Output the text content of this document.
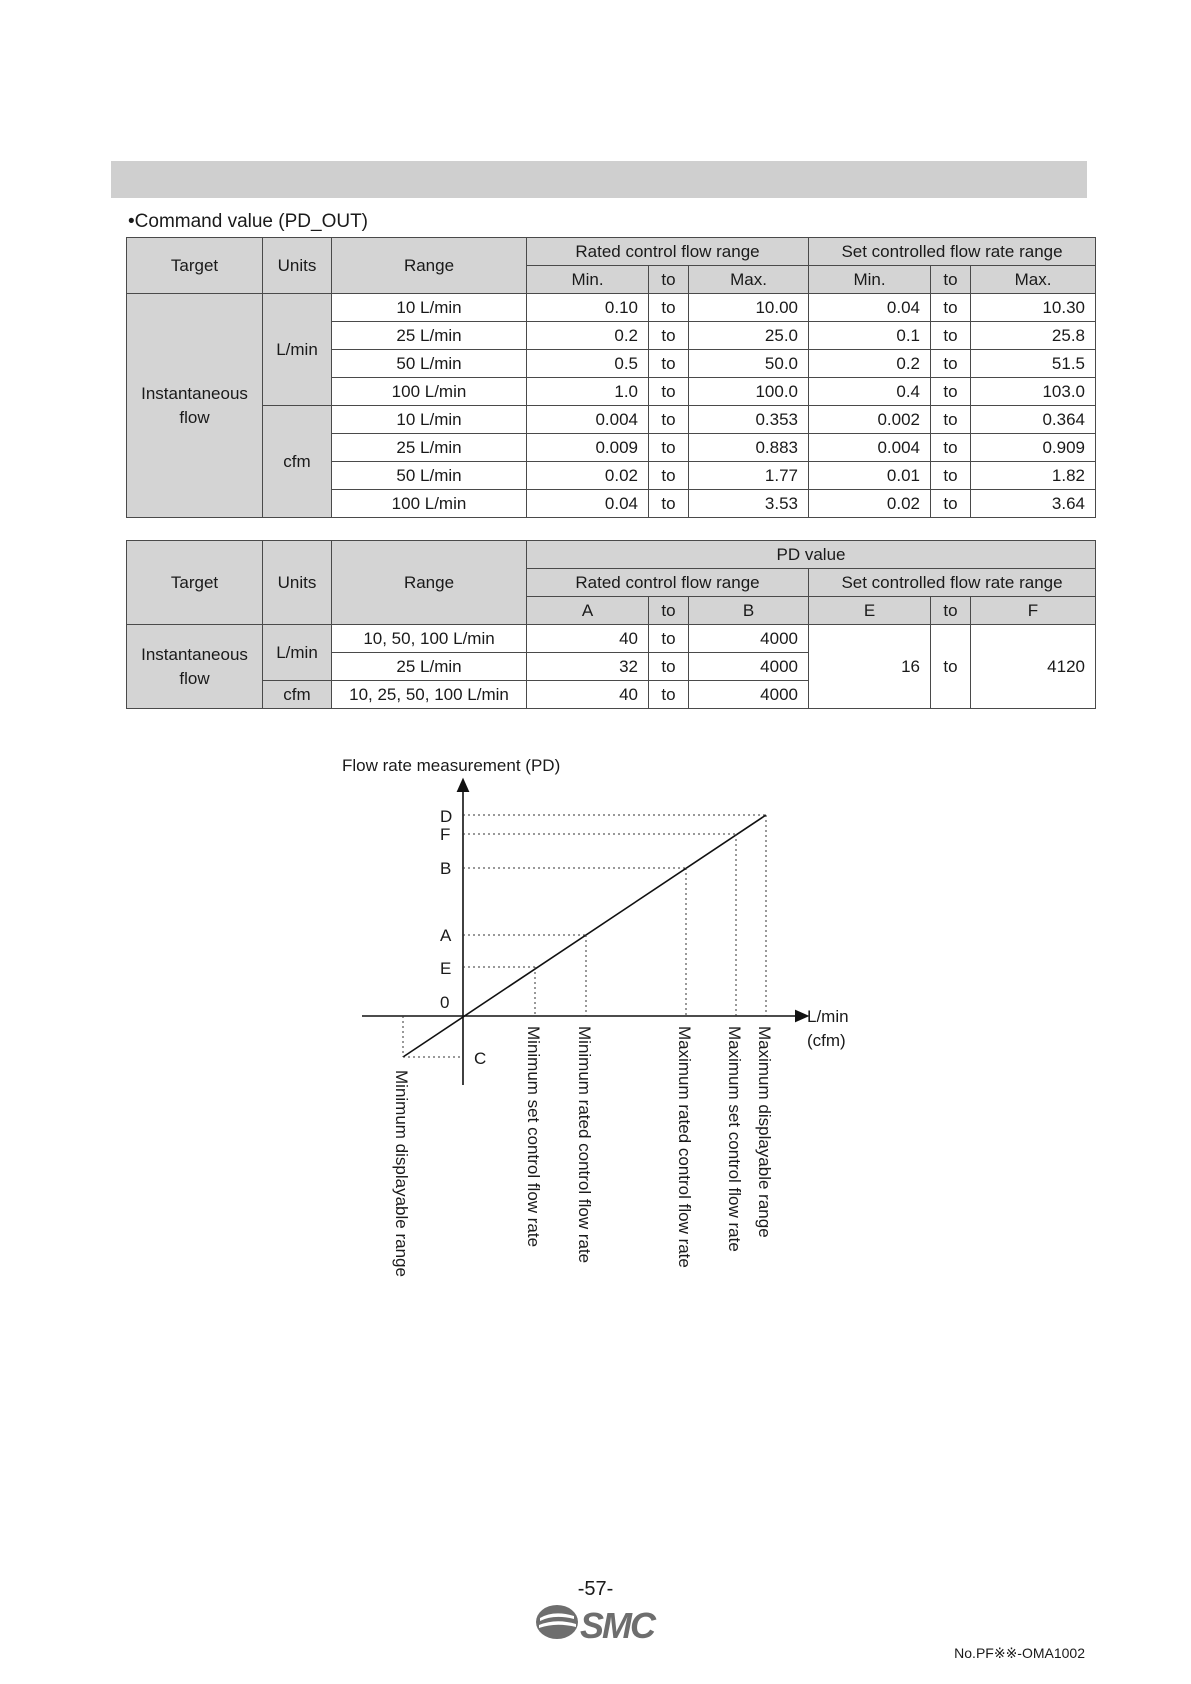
•Command value (PD_OUT)
Target	Units	Range	Rated control flow range			Set controlled flow rate range		
			Min.	to	Max.	Min.	to	Max.
Instantaneous flow	L/min	10 L/min	0.10	to	10.00	0.04	to	10.30
		25 L/min	0.2	to	25.0	0.1	to	25.8
		50 L/min	0.5	to	50.0	0.2	to	51.5
		100 L/min	1.0	to	100.0	0.4	to	103.0
	cfm	10 L/min	0.004	to	0.353	0.002	to	0.364
		25 L/min	0.009	to	0.883	0.004	to	0.909
		50 L/min	0.02	to	1.77	0.01	to	1.82
		100 L/min	0.04	to	3.53	0.02	to	3.64
Target	Units	Range	PD value					
			Rated control flow range			Set controlled flow rate range		
			A	to	B	E	to	F
Instantaneous flow	L/min	10, 50, 100 L/min	40	to	4000	16	to	4120
		25 L/min	32	to	4000			
	cfm	10, 25, 50, 100 L/min	40	to	4000			
Flow rate measurement (PD)
L/min
(cfm)
D
F
B
A
E
0
C
Minimum displayable range	Minimum set control flow rate Minimum rated control flow rate	Maximum rated control flow rate Maximum set control flow rate Maximum displayable range
-57-
SMC
No.PF※※-OMA1002
